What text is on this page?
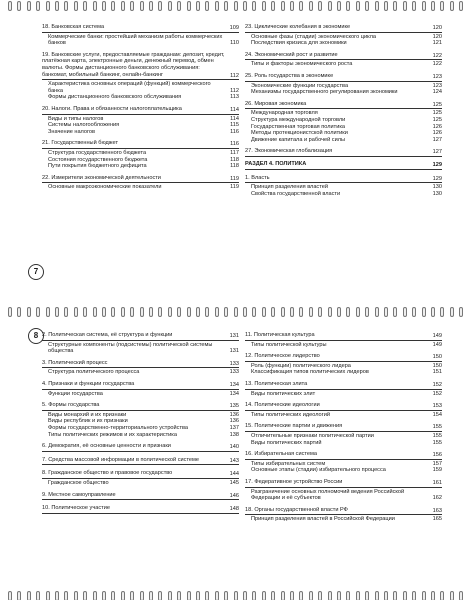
7
18. Банковская система	109
Коммерческие банки: простейший механизм работы коммерческих банков	110
19. Банковские услуги, предоставляемые гражданам: депозит, кредит, платёжная карта, электронные деньги, денежный перевод, обмен валюты. Формы дистанционного банковского обслуживания: банкомат, мобильный банкинг, онлайн-банкинг	112
Характеристика основных операций (функций) коммерческого банка	112
Формы дистанционного банковского обслуживания	113
20. Налоги. Права и обязанности налогоплательщика	114
Виды и типы налогов	114
Системы налогообложения	115
Значение налогов	116
21. Государственный бюджет	116
Структура государственного бюджета	117
Состояния государственного бюджета	118
Пути покрытия бюджетного дефицита	118
22. Измерители экономической деятельности	119
Основные макроэкономические показатели	119
23. Циклические колебания в экономике	120
Основные фазы (стадии) экономического цикла	120
Последствия кризиса для экономики	121
24. Экономический рост и развитие	122
Типы и факторы экономического роста	122
25. Роль государства в экономике	123
Экономические функции государства	123
Механизмы государственного регулирования экономики	124
26. Мировая экономика	125
Международная торговля	125
Структура международной торговли	125
Государственная торговая политика	126
Методы протекционистской политики	126
Движение капитала и рабочей силы	127
27. Экономическая глобализация	127
РАЗДЕЛ 4. ПОЛИТИКА	129
1. Власть	129
Принцип разделения властей	130
Свойства государственной власти	130
8 2. Политическая система, её структура и функции	131
Структурные компоненты (подсистемы) политической системы общества	131
3. Политический процесс	133
Структура политического процесса	133
4. Признаки и функции государства	134
Функции государства	134
5. Формы государства	135
Виды монархий и их признаки	136
Виды республик и их признаки	136
Формы государственно-территориального устройства	137
Типы политических режимов и их характеристика	138
6. Демократия, её основные ценности и признаки	140
7. Средства массовой информации в политической системе	143
8. Гражданское общество и правовое государство	144
Гражданское общество	145
9. Местное самоуправление	146
10. Политическое участие	148
11. Политическая культура	149
Типы политической культуры	149
12. Политическое лидерство	150
Роль (функции) политического лидера	150
Классификация типов политических лидеров	151
13. Политическая элита	152
Виды политических элит	152
14. Политические идеологии	153
Типы политических идеологий	154
15. Политические партии и движения	155
Отличительные признаки политической партии	155
Виды политических партий	155
16. Избирательная система	156
Типы избирательных систем	157
Основные этапы (стадии) избирательного процесса	159
17. Федеративное устройство России	161
Разграничение основных полномочий ведения Российской Федерации и её субъектов	162
18. Органы государственной власти РФ	163
Принцип разделения властей в Российской Федерации	165
